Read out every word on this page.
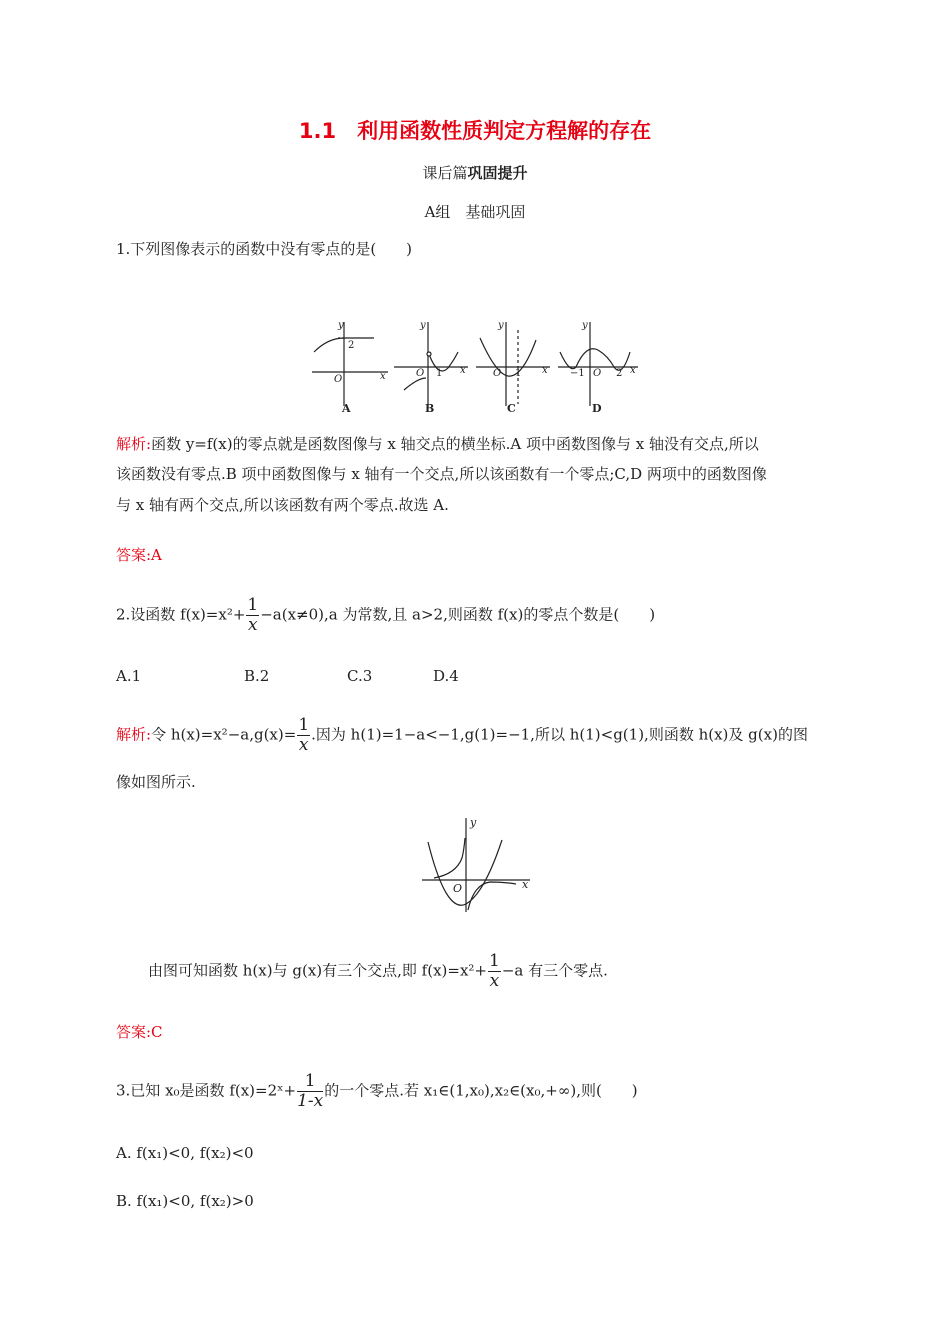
1.1　利用函数性质判定方程解的存在
课后篇巩固提升
A组　基础巩固
1.下列图像表示的函数中没有零点的是(　　)
y
x
O
2
y
x
O 1
y
x
O 1
y
x
O
−1	2
A	B	C	D
解析:函数 y=f(x)的零点就是函数图像与 x 轴交点的横坐标.A 项中函数图像与 x 轴没有交点,所以
该函数没有零点.B 项中函数图像与 x 轴有一个交点,所以该函数有一个零点;C,D 两项中的函数图像
与 x 轴有两个交点,所以该函数有两个零点.故选 A.
答案:A
2.设函数 $f(x)=x^2+ \frac{1}{x} -a(x\ne 0),a$ 为常数,且 a>2,则函数 f(x)的零点个数是(　　)
A.1	B.2	C.3	D.4
解析:令 $h(x)=x^2-a,g(x)= \frac{1}{x}$ .因为 h(1)=1−a<−1,g(1)=−1,所以 h(1)<g(1),则函数 h(x)及 g(x)的图
像如图所示.
y
x
O
由图可知函数 h(x)与 g(x)有三个交点,即 $f(x)=x^2+ \frac{1}{x} -a$ 有三个零点.
答案:C
3.已知 x₀是函数 f(x)=2ˣ+ $\frac{1}{1-x}$ 的一个零点.若 x₁∈(1,x₀),x₂∈(x₀,+∞),则(　　)
A. f(x₁)<0, f(x₂)<0
B. f(x₁)<0, f(x₂)>0
